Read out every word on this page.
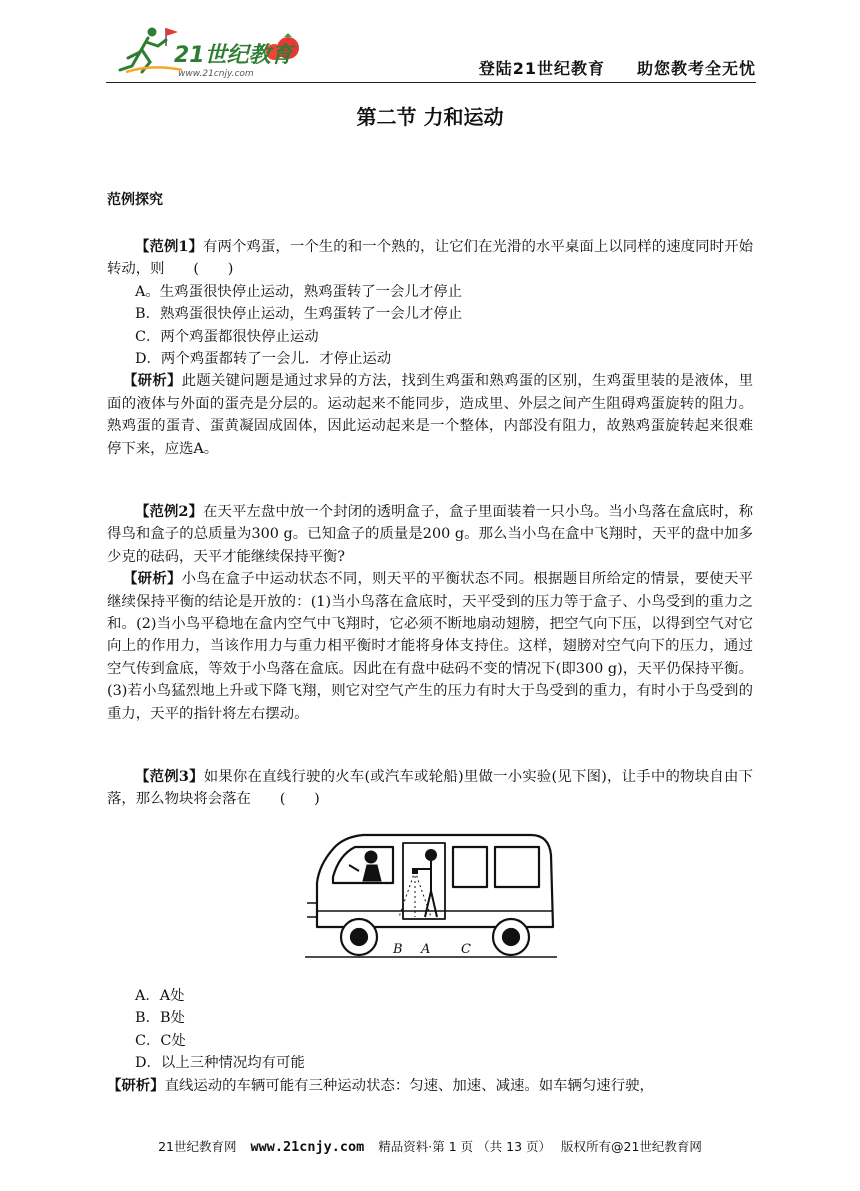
21世纪教育
www.21cnjy.com	登陆21世纪教育 助您教考全无忧
第二节 力和运动
范例探究

【范例1】有两个鸡蛋，一个生的和一个熟的，让它们在光滑的水平桌面上以同样的速度同时开始转动，则　　(　　)

A。生鸡蛋很快停止运动，熟鸡蛋转了一会儿才停止

B．熟鸡蛋很快停止运动，生鸡蛋转了一会儿才停止

C．两个鸡蛋都很快停止运动

D．两个鸡蛋都转了一会儿．才停止运动

【研析】此题关键问题是通过求异的方法，找到生鸡蛋和熟鸡蛋的区别，生鸡蛋里装的是液体，里面的液体与外面的蛋壳是分层的。运动起来不能同步，造成里、外层之间产生阻碍鸡蛋旋转的阻力。熟鸡蛋的蛋青、蛋黄凝固成固体，因此运动起来是一个整体，内部没有阻力，故熟鸡蛋旋转起来很难停下来，应选A。

【范例2】在天平左盘中放一个封闭的透明盒子，盒子里面装着一只小鸟。当小鸟落在盒底时，称得鸟和盒子的总质量为300 g。已知盒子的质量是200 g。那么当小鸟在盒中飞翔时，天平的盘中加多少克的砝码，天平才能继续保持平衡?

【研析】小鸟在盒子中运动状态不同，则天平的平衡状态不同。根据题目所给定的情景，要使天平继续保持平衡的结论是开放的：(1)当小鸟落在盒底时，天平受到的压力等于盒子、小鸟受到的重力之和。(2)当小鸟平稳地在盒内空气中飞翔时，它必须不断地扇动翅膀，把空气向下压，以得到空气对它向上的作用力，当该作用力与重力相平衡时才能将身体支持住。这样，翅膀对空气向下的压力，通过空气传到盒底，等效于小鸟落在盒底。因此在有盘中砝码不变的情况下(即300 g)，天平仍保持平衡。(3)若小鸟猛烈地上升或下降飞翔，则它对空气产生的压力有时大于鸟受到的重力，有时小于鸟受到的重力，天平的指针将左右摆动。

【范例3】如果你在直线行驶的火车(或汽车或轮船)里做一小实验(见下图)，让手中的物块自由下落，那么物块将会落在　　(　　)

B A C

A．A处

B．B处

C．C处

D．以上三种情况均有可能

【研析】直线运动的车辆可能有三种运动状态：匀速、加速、减速。如车辆匀速行驶，

21世纪教育网 www.21cnjy.com 精品资料·第 1 页 （共 13 页） 版权所有@21世纪教育网
